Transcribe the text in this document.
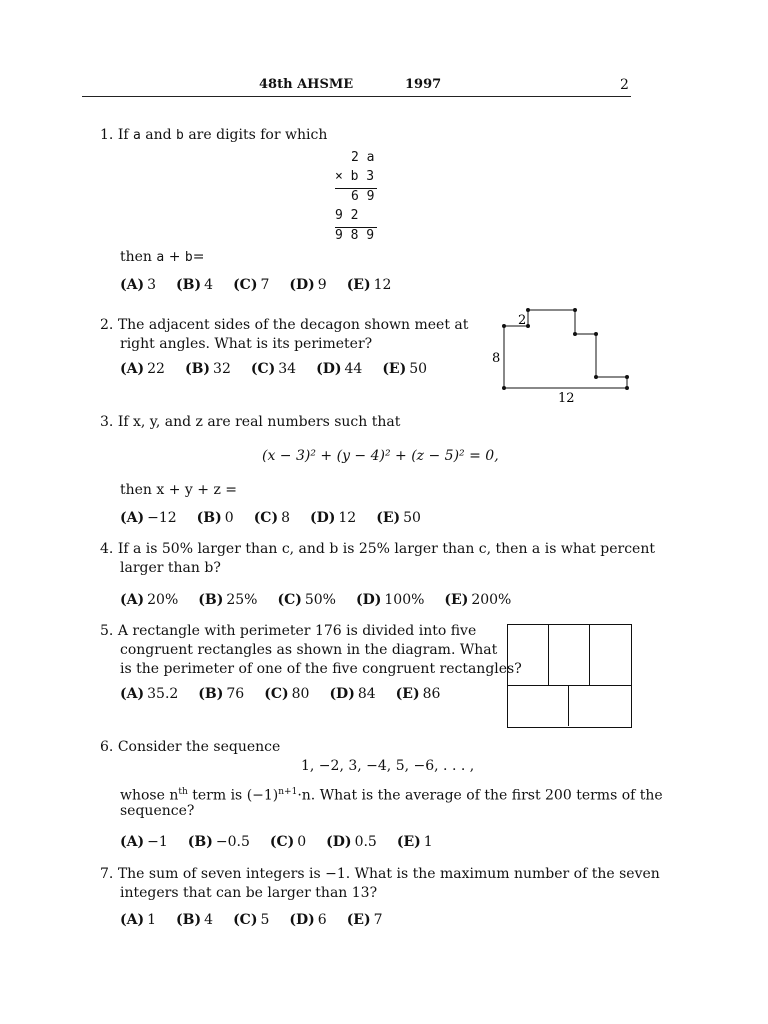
48th AHSME	1997	2
1. If a and b are digits for which
2 a
× b 3
6 9
9 2
9 8 9
then a + b=
(A) 3 (B) 4 (C) 7 (D) 9 (E) 12
2. The adjacent sides of the decagon shown meet at
right angles. What is its perimeter?
(A) 22 (B) 32 (C) 34 (D) 44 (E) 50
2
8
12
3. If x, y, and z are real numbers such that
(x − 3)² + (y − 4)² + (z − 5)² = 0,
then x + y + z =
(A) −12 (B) 0 (C) 8 (D) 12 (E) 50
4. If a is 50% larger than c, and b is 25% larger than c, then a is what percent
larger than b?
(A) 20% (B) 25% (C) 50% (D) 100% (E) 200%
5. A rectangle with perimeter 176 is divided into five
congruent rectangles as shown in the diagram. What
is the perimeter of one of the five congruent rectangles?
(A) 35.2 (B) 76 (C) 80 (D) 84 (E) 86
6. Consider the sequence
1, −2, 3, −4, 5, −6, . . . ,
whose $n^{th}$ term is $(-1)^{n+1}\cdot n$. What is the average of the first 200 terms of the
sequence?
(A) −1 (B) −0.5 (C) 0 (D) 0.5 (E) 1
7. The sum of seven integers is −1. What is the maximum number of the seven
integers that can be larger than 13?
(A) 1 (B) 4 (C) 5 (D) 6 (E) 7
